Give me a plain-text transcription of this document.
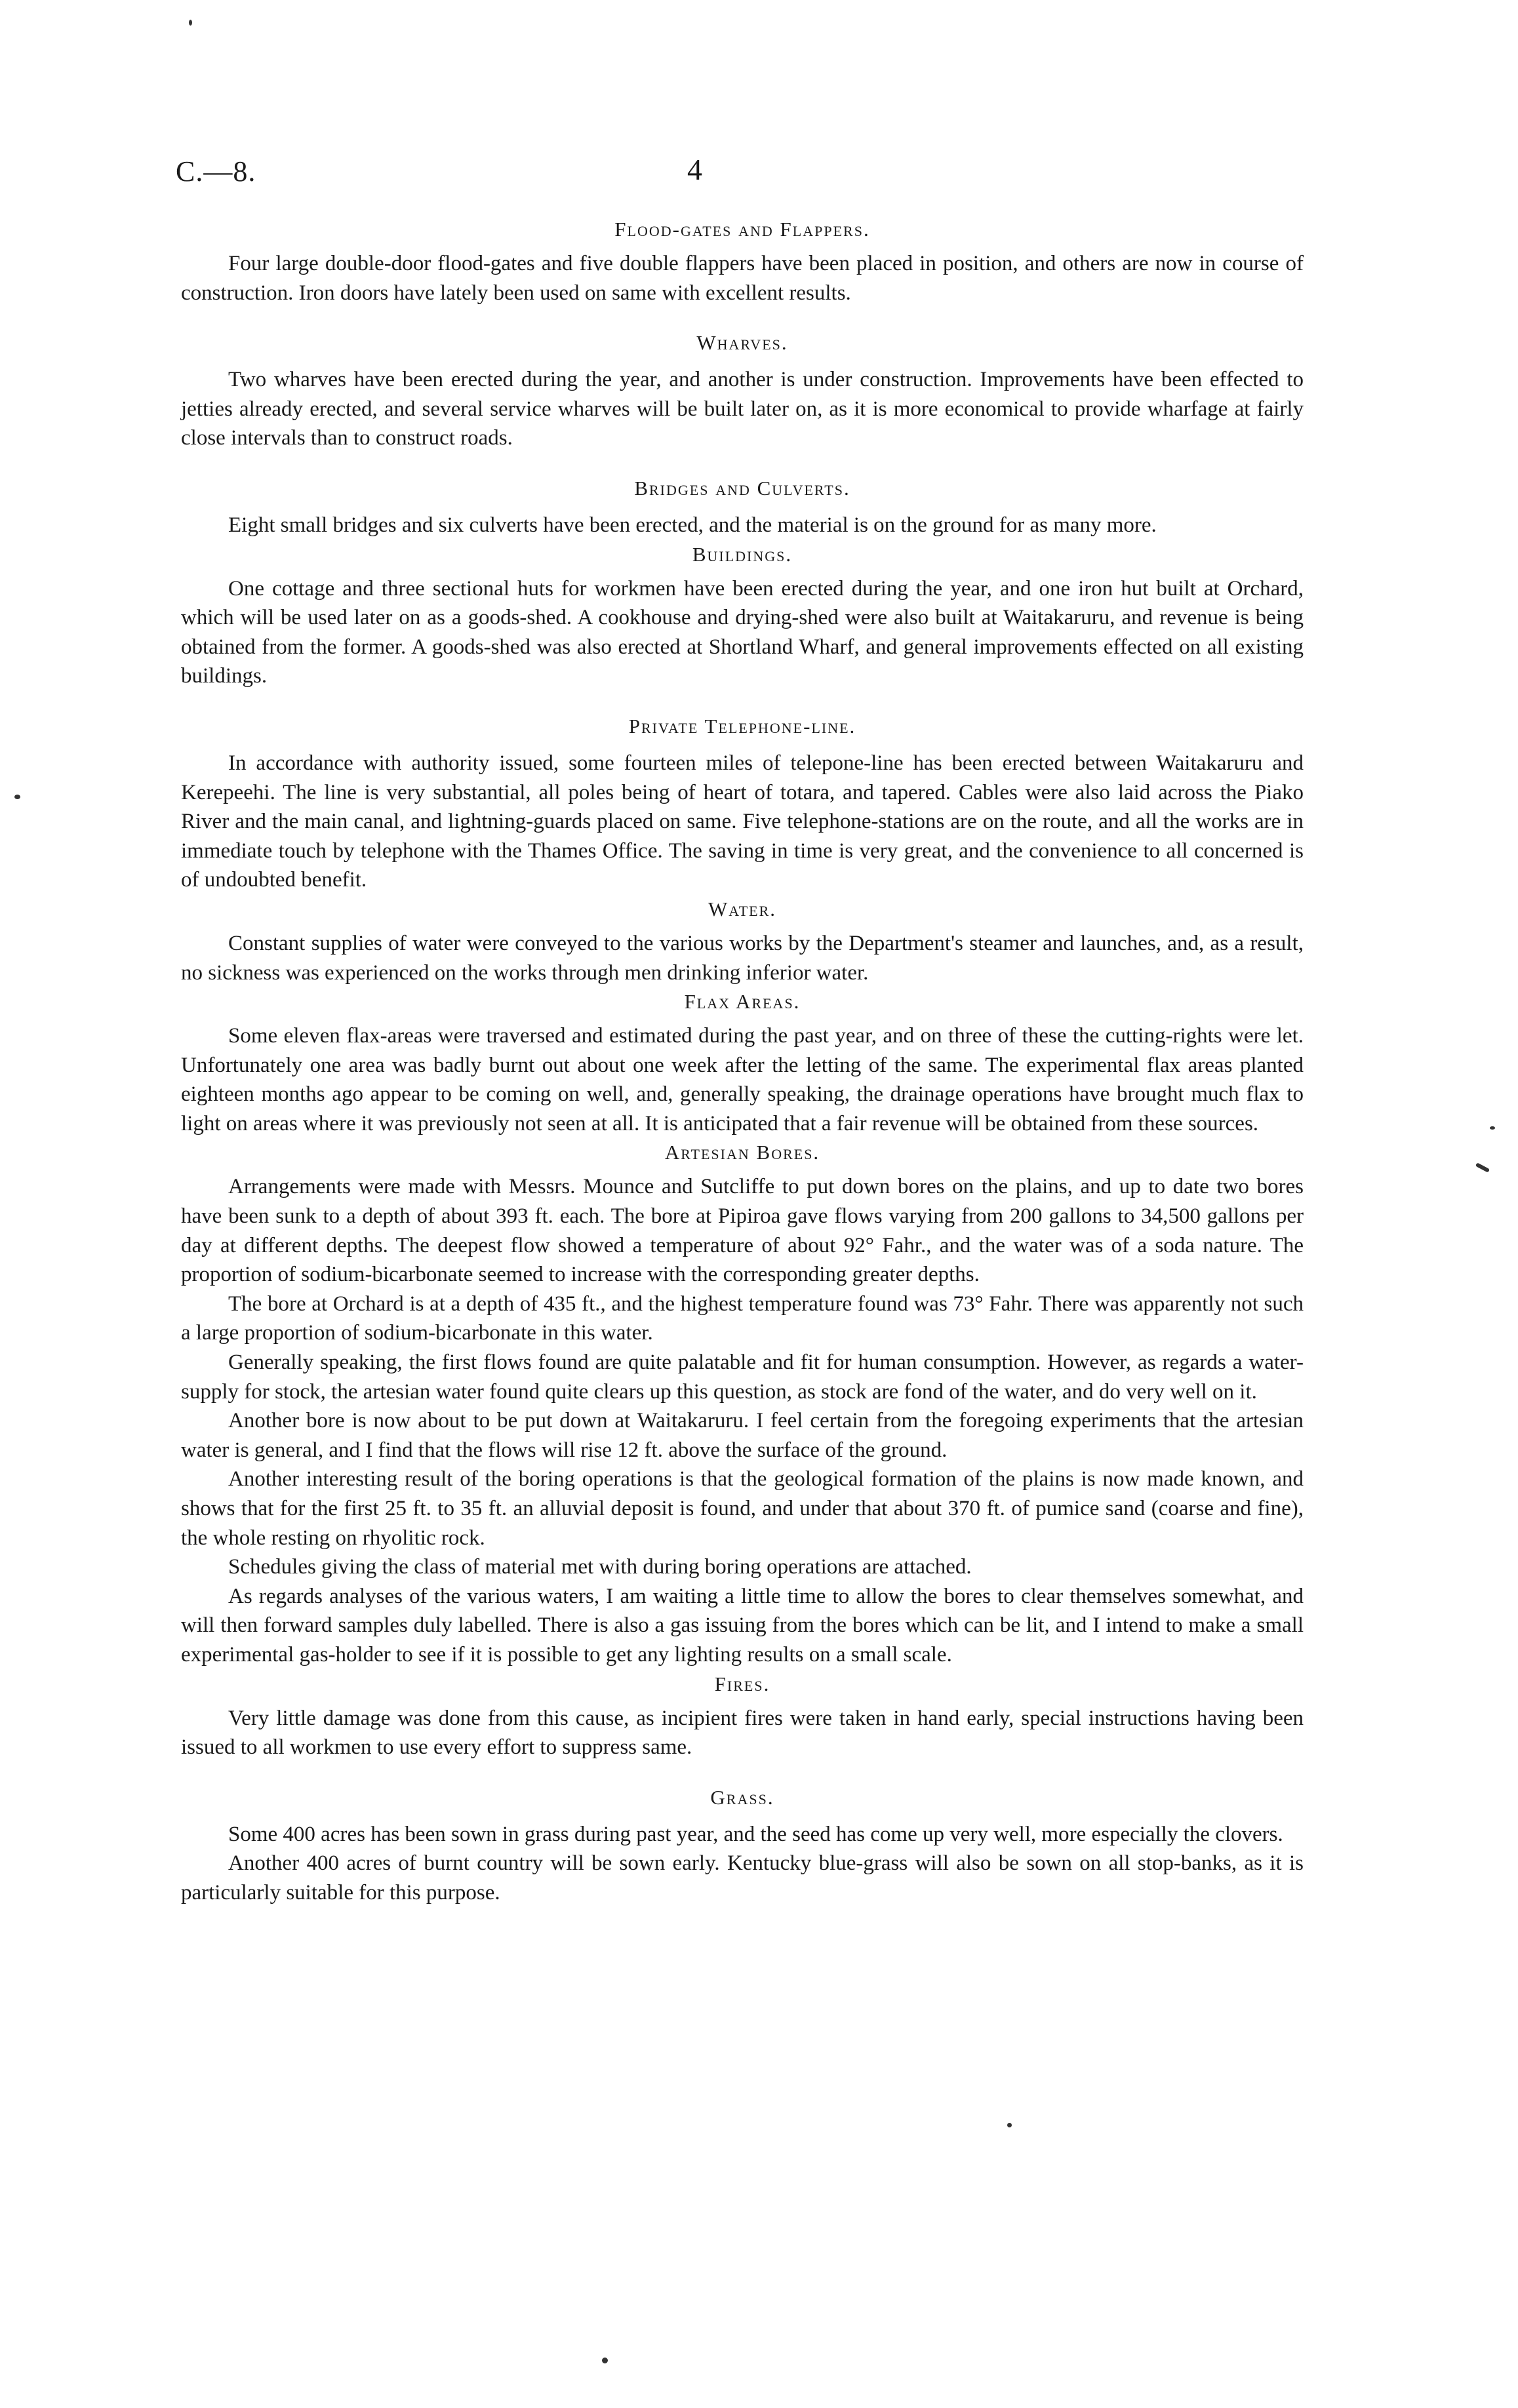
C.—8.	4
Flood-gates and Flappers.

Four large double-door flood-gates and five double flappers have been placed in position, and others are now in course of construction. Iron doors have lately been used on same with excellent results.

Wharves.

Two wharves have been erected during the year, and another is under construction. Improvements have been effected to jetties already erected, and several service wharves will be built later on, as it is more economical to provide wharfage at fairly close intervals than to construct roads.

Bridges and Culverts.

Eight small bridges and six culverts have been erected, and the material is on the ground for as many more.

Buildings.

One cottage and three sectional huts for workmen have been erected during the year, and one iron hut built at Orchard, which will be used later on as a goods-shed. A cookhouse and drying-shed were also built at Waitakaruru, and revenue is being obtained from the former. A goods-shed was also erected at Shortland Wharf, and general improvements effected on all existing buildings.

Private Telephone-line.

In accordance with authority issued, some fourteen miles of telepone-line has been erected between Waitakaruru and Kerepeehi. The line is very substantial, all poles being of heart of totara, and tapered. Cables were also laid across the Piako River and the main canal, and lightning-guards placed on same. Five telephone-stations are on the route, and all the works are in immediate touch by telephone with the Thames Office. The saving in time is very great, and the convenience to all concerned is of undoubted benefit.

Water.

Constant supplies of water were conveyed to the various works by the Department's steamer and launches, and, as a result, no sickness was experienced on the works through men drinking inferior water.

Flax Areas.

Some eleven flax-areas were traversed and estimated during the past year, and on three of these the cutting-rights were let. Unfortunately one area was badly burnt out about one week after the letting of the same. The experimental flax areas planted eighteen months ago appear to be coming on well, and, generally speaking, the drainage operations have brought much flax to light on areas where it was previously not seen at all. It is anticipated that a fair revenue will be obtained from these sources.

Artesian Bores.

Arrangements were made with Messrs. Mounce and Sutcliffe to put down bores on the plains, and up to date two bores have been sunk to a depth of about 393 ft. each. The bore at Pipiroa gave flows varying from 200 gallons to 34,500 gallons per day at different depths. The deepest flow showed a temperature of about 92° Fahr., and the water was of a soda nature. The proportion of sodium-bicarbonate seemed to increase with the corresponding greater depths.

The bore at Orchard is at a depth of 435 ft., and the highest temperature found was 73° Fahr. There was apparently not such a large proportion of sodium-bicarbonate in this water.

Generally speaking, the first flows found are quite palatable and fit for human consumption. However, as regards a water-supply for stock, the artesian water found quite clears up this question, as stock are fond of the water, and do very well on it.

Another bore is now about to be put down at Waitakaruru. I feel certain from the foregoing experiments that the artesian water is general, and I find that the flows will rise 12 ft. above the surface of the ground.

Another interesting result of the boring operations is that the geological formation of the plains is now made known, and shows that for the first 25 ft. to 35 ft. an alluvial deposit is found, and under that about 370 ft. of pumice sand (coarse and fine), the whole resting on rhyolitic rock.

Schedules giving the class of material met with during boring operations are attached.

As regards analyses of the various waters, I am waiting a little time to allow the bores to clear themselves somewhat, and will then forward samples duly labelled. There is also a gas issuing from the bores which can be lit, and I intend to make a small experimental gas-holder to see if it is possible to get any lighting results on a small scale.

Fires.

Very little damage was done from this cause, as incipient fires were taken in hand early, special instructions having been issued to all workmen to use every effort to suppress same.

Grass.

Some 400 acres has been sown in grass during past year, and the seed has come up very well, more especially the clovers.

Another 400 acres of burnt country will be sown early. Kentucky blue-grass will also be sown on all stop-banks, as it is particularly suitable for this purpose.
